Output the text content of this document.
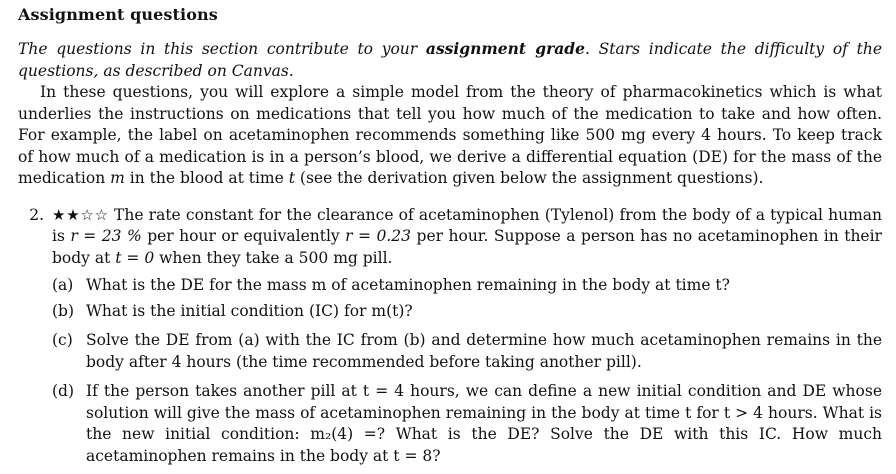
Assignment questions

The questions in this section contribute to your assignment grade. Stars indicate the difficulty of the questions, as described on Canvas.

In these questions, you will explore a simple model from the theory of pharmacokinetics which is what underlies the instructions on medications that tell you how much of the medication to take and how often. For example, the label on acetaminophen recommends something like 500 mg every 4 hours. To keep track of how much of a medication is in a person’s blood, we derive a differential equation (DE) for the mass of the medication m in the blood at time t (see the derivation given below the assignment questions).

2. ★★☆☆ The rate constant for the clearance of acetaminophen (Tylenol) from the body of a typical human is r = 23 % per hour or equivalently r = 0.23 per hour. Suppose a person has no acetaminophen in their body at t = 0 when they take a 500 mg pill.
(a) What is the DE for the mass m of acetaminophen remaining in the body at time t?
(b) What is the initial condition (IC) for m(t)?
(c) Solve the DE from (a) with the IC from (b) and determine how much acetaminophen remains in the body after 4 hours (the time recommended before taking another pill).
(d) If the person takes another pill at t = 4 hours, we can define a new initial condition and DE whose solution will give the mass of acetaminophen remaining in the body at time t for t > 4 hours. What is the new initial condition: m₂(4) =? What is the DE? Solve the DE with this IC. How much acetaminophen remains in the body at t = 8?
